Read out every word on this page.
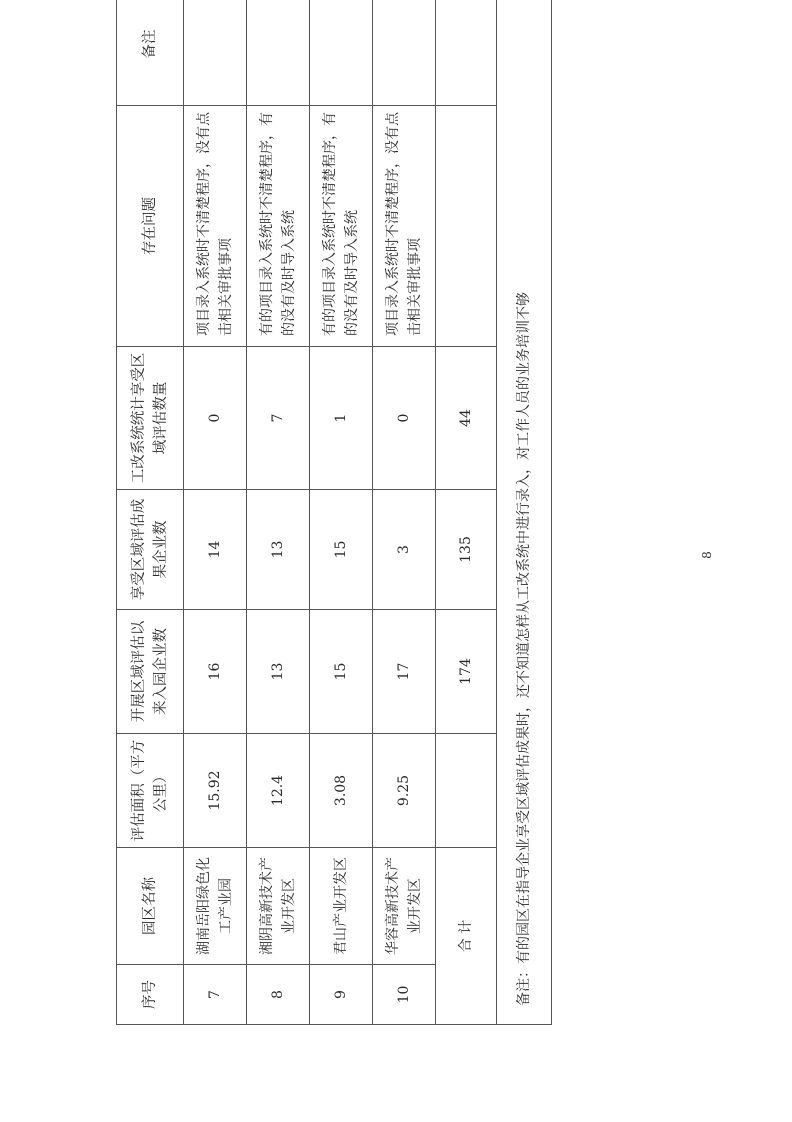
序号	园区名称	评估面积（平方公里）	开展区域评估以来入园企业数	享受区域评估成果企业数	工改系统统计享受区域评估数量	存在问题	备注
7	湖南岳阳绿色化工产业园	15.92	16	14	0	项目录入系统时不清楚程序，没有点击相关审批事项	
8	湘阴高新技术产业开发区	12.4	13	13	7	有的项目录入系统时不清楚程序，有的没有及时导入系统	
9	君山产业开发区	3.08	15	15	1	有的项目录入系统时不清楚程序，有的没有及时导入系统	
10	华容高新技术产业开发区	9.25	17	3	0	项目录入系统时不清楚程序，没有点击相关审批事项	
合 计			174	135	44		
备注：有的园区在指导企业享受区域评估成果时，还不知道怎样从工改系统中进行录入，对工作人员的业务培训不够								8
